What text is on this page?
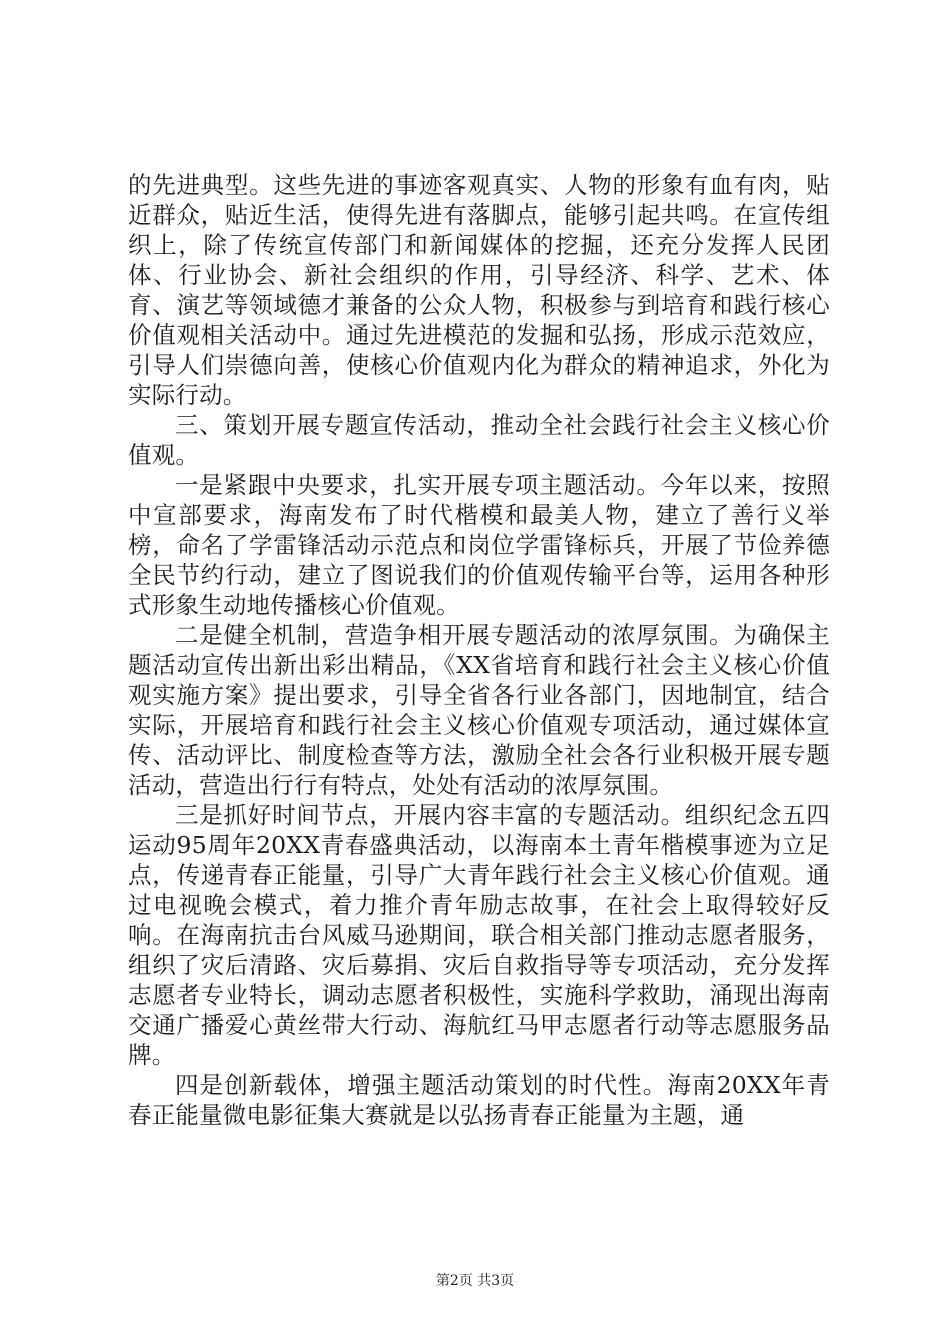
的先进典型。这些先进的事迹客观真实、人物的形象有血有肉，贴近群众，贴近生活，使得先进有落脚点，能够引起共鸣。在宣传组织上，除了传统宣传部门和新闻媒体的挖掘，还充分发挥人民团体、行业协会、新社会组织的作用，引导经济、科学、艺术、体育、演艺等领域德才兼备的公众人物，积极参与到培育和践行核心价值观相关活动中。通过先进模范的发掘和弘扬，形成示范效应，引导人们崇德向善，使核心价值观内化为群众的精神追求，外化为实际行动。

三、策划开展专题宣传活动，推动全社会践行社会主义核心价值观。

一是紧跟中央要求，扎实开展专项主题活动。今年以来，按照中宣部要求，海南发布了时代楷模和最美人物，建立了善行义举榜，命名了学雷锋活动示范点和岗位学雷锋标兵，开展了节俭养德全民节约行动，建立了图说我们的价值观传输平台等，运用各种形式形象生动地传播核心价值观。

二是健全机制，营造争相开展专题活动的浓厚氛围。为确保主题活动宣传出新出彩出精品，《XX省培育和践行社会主义核心价值观实施方案》提出要求，引导全省各行业各部门，因地制宜，结合实际，开展培育和践行社会主义核心价值观专项活动，通过媒体宣传、活动评比、制度检查等方法，激励全社会各行业积极开展专题活动，营造出行行有特点，处处有活动的浓厚氛围。

三是抓好时间节点，开展内容丰富的专题活动。组织纪念五四运动95周年20XX青春盛典活动，以海南本土青年楷模事迹为立足点，传递青春正能量，引导广大青年践行社会主义核心价值观。通过电视晚会模式，着力推介青年励志故事，在社会上取得较好反响。在海南抗击台风威马逊期间，联合相关部门推动志愿者服务，组织了灾后清路、灾后募捐、灾后自救指导等专项活动，充分发挥志愿者专业特长，调动志愿者积极性，实施科学救助，涌现出海南交通广播爱心黄丝带大行动、海航红马甲志愿者行动等志愿服务品牌。

四是创新载体，增强主题活动策划的时代性。海南20XX年青春正能量微电影征集大赛就是以弘扬青春正能量为主题，通

第2页 共3页
